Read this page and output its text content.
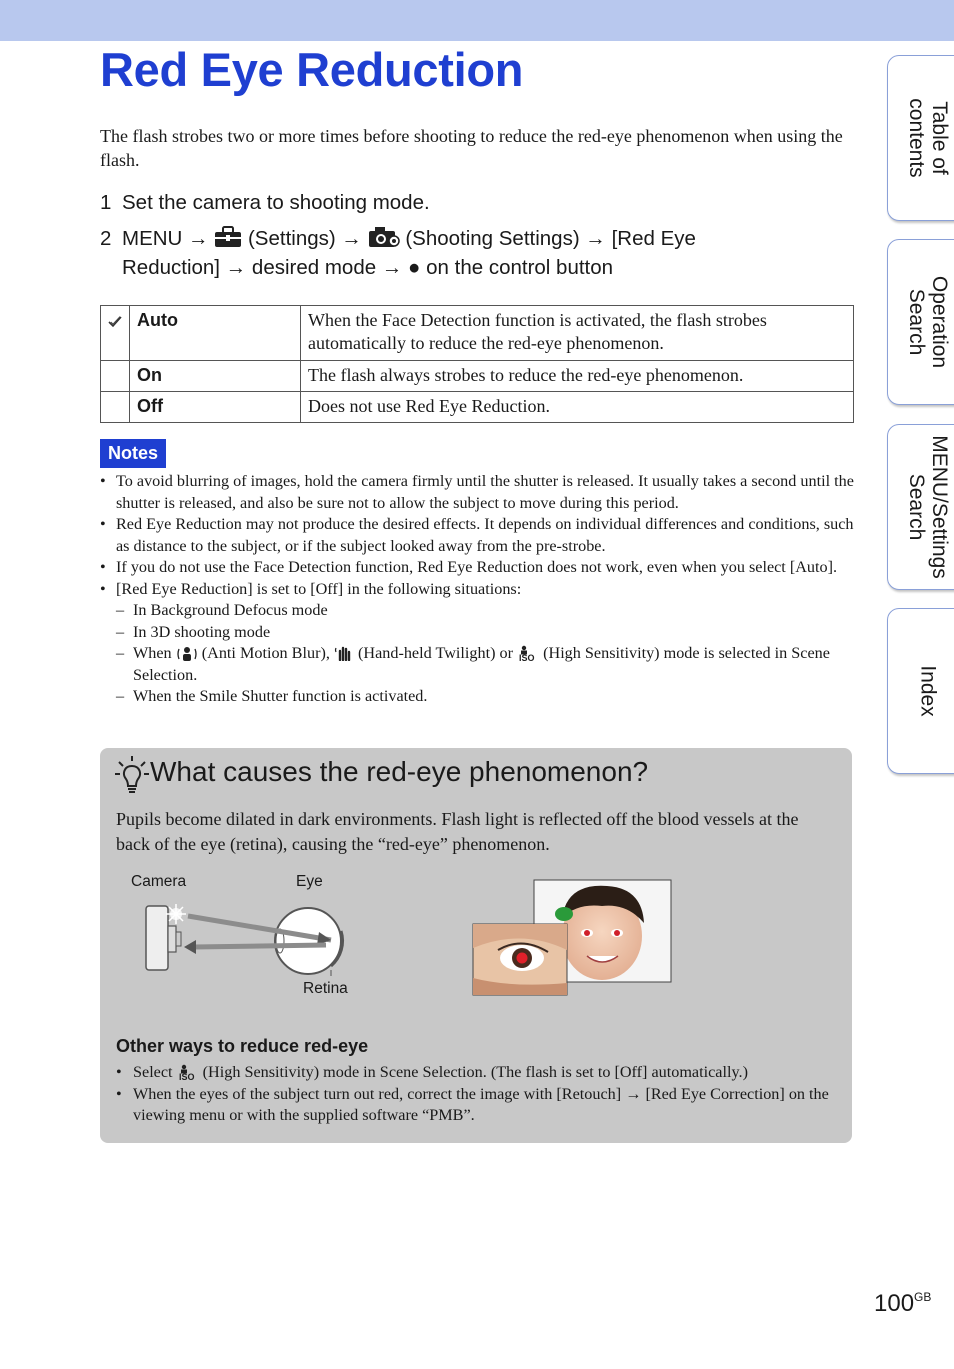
Red Eye Reduction
The flash strobes two or more times before shooting to reduce the red-eye phenomenon when using the flash.
1 Set the camera to shooting mode.
2 MENU → (Settings) → (Shooting Settings) → [Red Eye
Reduction] → desired mode → ● on the control button
	Auto	When the Face Detection function is activated, the flash strobes automatically to reduce the red-eye phenomenon.
	On	The flash always strobes to reduce the red-eye phenomenon.
	Off	Does not use Red Eye Reduction.
Notes
• To avoid blurring of images, hold the camera firmly until the shutter is released. It usually takes a second until the shutter is released, and also be sure not to allow the subject to move during this period.
• Red Eye Reduction may not produce the desired effects. It depends on individual differences and conditions, such as distance to the subject, or if the subject looked away from the pre-strobe.
• If you do not use the Face Detection function, Red Eye Reduction does not work, even when you select [Auto].
• [Red Eye Reduction] is set to [Off] in the following situations:
– In Background Defocus mode
– In 3D shooting mode
– When (Anti Motion Blur), (Hand-held Twilight) or ISO (High Sensitivity) mode is selected in Scene Selection.
– When the Smile Shutter function is activated.
What causes the red-eye phenomenon?
Pupils become dilated in dark environments. Flash light is reflected off the blood vessels at the back of the eye (retina), causing the “red-eye” phenomenon.
Camera	Eye
Retina
Other ways to reduce red-eye
• Select ISO (High Sensitivity) mode in Scene Selection. (The flash is set to [Off] automatically.)
• When the eyes of the subject turn out red, correct the image with [Retouch] → [Red Eye Correction] on the viewing menu or with the supplied software “PMB”.
Table of contents
Operation Search
MENU/Settings Search
Index
$100^{GB}$
